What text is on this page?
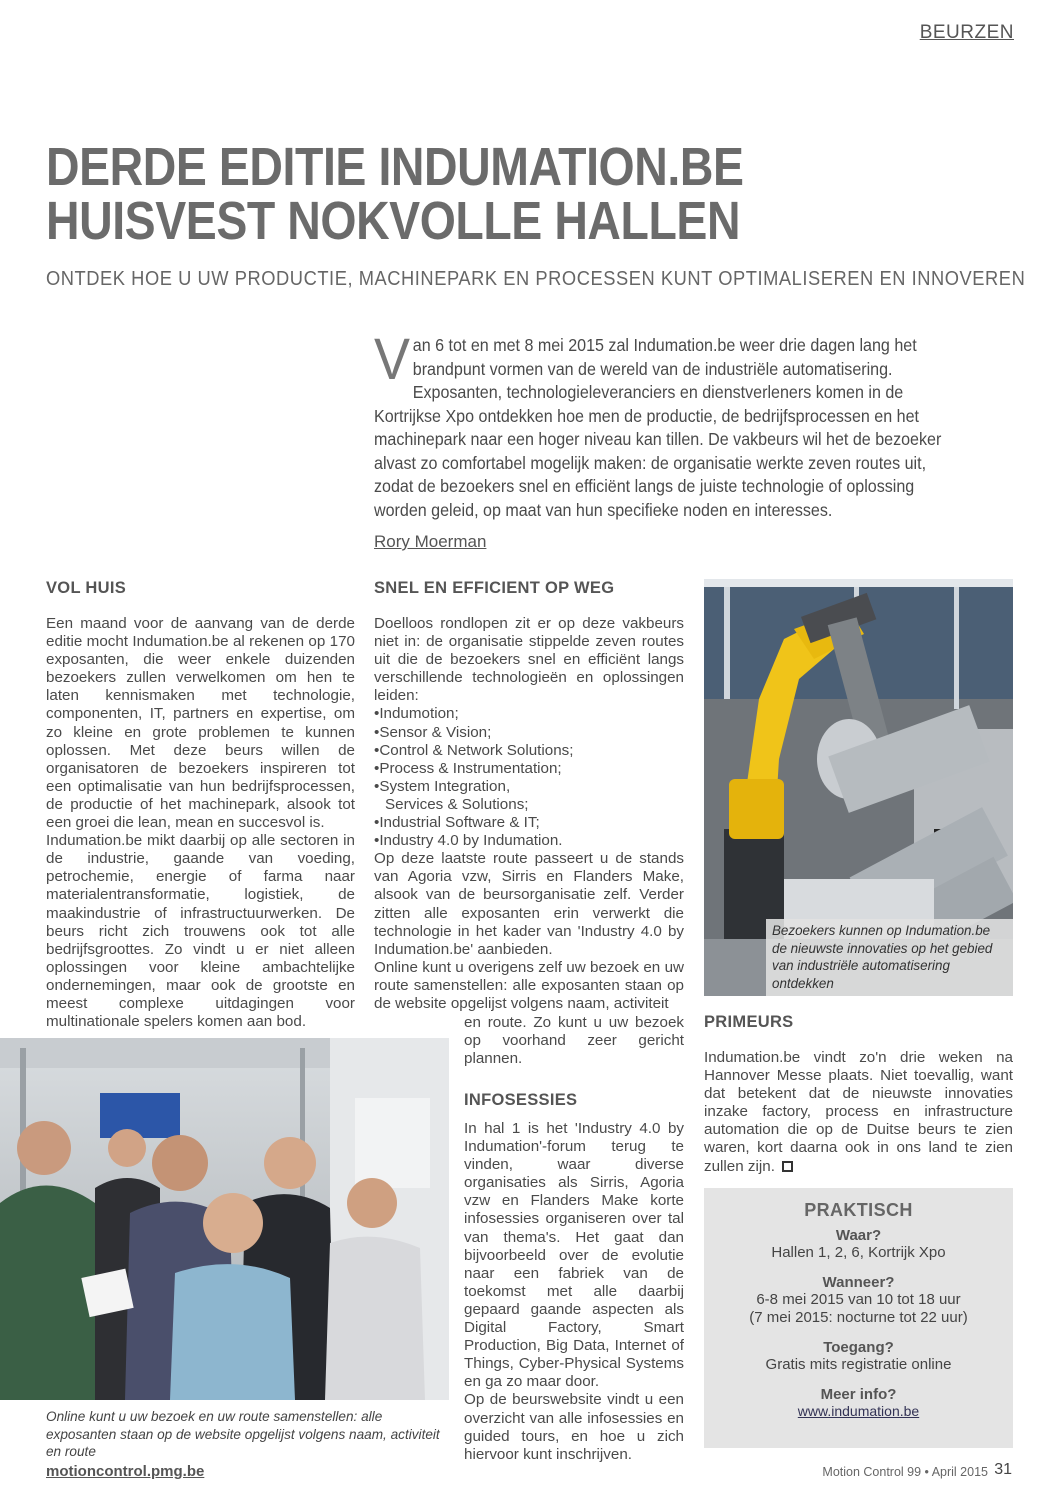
BEURZEN
DERDE EDITIE INDUMATION.BE
HUISVEST NOKVOLLE HALLEN
ONTDEK HOE U UW PRODUCTIE, MACHINEPARK EN PROCESSEN KUNT OPTIMALISEREN EN INNOVEREN
Van 6 tot en met 8 mei 2015 zal Indumation.be weer drie dagen lang het brandpunt vormen van de wereld van de industriële automatisering. Exposanten, technologieleveranciers en dienstverleners komen in de Kortrijkse Xpo ontdekken hoe men de productie, de bedrijfsprocessen en het machinepark naar een hoger niveau kan tillen. De vakbeurs wil het de bezoeker alvast zo comfortabel mogelijk maken: de organisatie werkte zeven routes uit, zodat de bezoekers snel en efficiënt langs de juiste technologie of oplossing worden geleid, op maat van hun specifieke noden en interesses.
Rory Moerman
VOL HUIS

Een maand voor de aanvang van de derde editie mocht Indumation.be al rekenen op 170 exposanten, die weer enkele duizenden bezoekers zullen verwelkomen om hen te laten kennismaken met technologie, componenten, IT, partners en expertise, om zo kleine en grote problemen te kunnen oplossen. Met deze beurs willen de organisatoren de bezoekers inspireren tot een optimalisatie van hun bedrijfsprocessen, de productie of het machinepark, alsook tot een groei die lean, mean en succesvol is.

Indumation.be mikt daarbij op alle sectoren in de industrie, gaande van voeding, petrochemie, energie of farma naar materialentransformatie, logistiek, de maakindustrie of infrastructuurwerken. De beurs richt zich trouwens ook tot alle bedrijfsgroottes. Zo vindt u er niet alleen oplossingen voor kleine ambachtelijke ondernemingen, maar ook de grootste en meest complexe uitdagingen voor multinationale spelers komen aan bod.

Online kunt u uw bezoek en uw route samenstellen: alle exposanten staan op de website opgelijst volgens naam, activiteit en route
SNEL EN EFFICIENT OP WEG

Doelloos rondlopen zit er op deze vakbeurs niet in: de organisatie stippelde zeven routes uit die de bezoekers snel en efficiënt langs verschillende technologieën en oplossingen leiden:

•Indumotion;
•Sensor & Vision;
•Control & Network Solutions;
•Process & Instrumentation;
•System Integration,
Services & Solutions;
•Industrial Software & IT;
•Industry 4.0 by Indumation.

Op deze laatste route passeert u de stands van Agoria vzw, Sirris en Flanders Make, alsook van de beursorganisatie zelf. Verder zitten alle exposanten erin verwerkt die technologie in het kader van 'Industry 4.0 by Indumation.be' aanbieden.

Online kunt u overigens zelf uw bezoek en uw route samenstellen: alle exposanten staan op de website opgelijst volgens naam, activiteit

en route. Zo kunt u uw bezoek op voorhand zeer gericht plannen.

INFOSESSIES

In hal 1 is het 'Industry 4.0 by Indumation'-forum terug te vinden, waar diverse organisaties als Sirris, Agoria vzw en Flanders Make korte infosessies organiseren over tal van thema's. Het gaat dan bijvoorbeeld over de evolutie naar een fabriek van de toekomst met alle daarbij gepaard gaande aspecten als Digital Factory, Smart Production, Big Data, Internet of Things, Cyber-Physical Systems en ga zo maar door.

Op de beurswebsite vindt u een overzicht van alle infosessies en guided tours, en hoe u zich hiervoor kunt inschrijven.

Bezoekers kunnen op Indumation.be de nieuwste innovaties op het gebied van industriële automatisering ontdekken
PRIMEURS

Indumation.be vindt zo'n drie weken na Hannover Messe plaats. Niet toevallig, want dat betekent dat de nieuwste innovaties inzake factory, process en infrastructure automation die op de Duitse beurs te zien waren, kort daarna ook in ons land te zien zullen zijn.

PRAKTISCH
Waar?
Hallen 1, 2, 6, Kortrijk Xpo
Wanneer?
6-8 mei 2015 van 10 tot 18 uur
(7 mei 2015: nocturne tot 22 uur)
Toegang?
Gratis mits registratie online
Meer info?
www.indumation.be
motioncontrol.pmg.be	Motion Control 99 • April 2015 31
